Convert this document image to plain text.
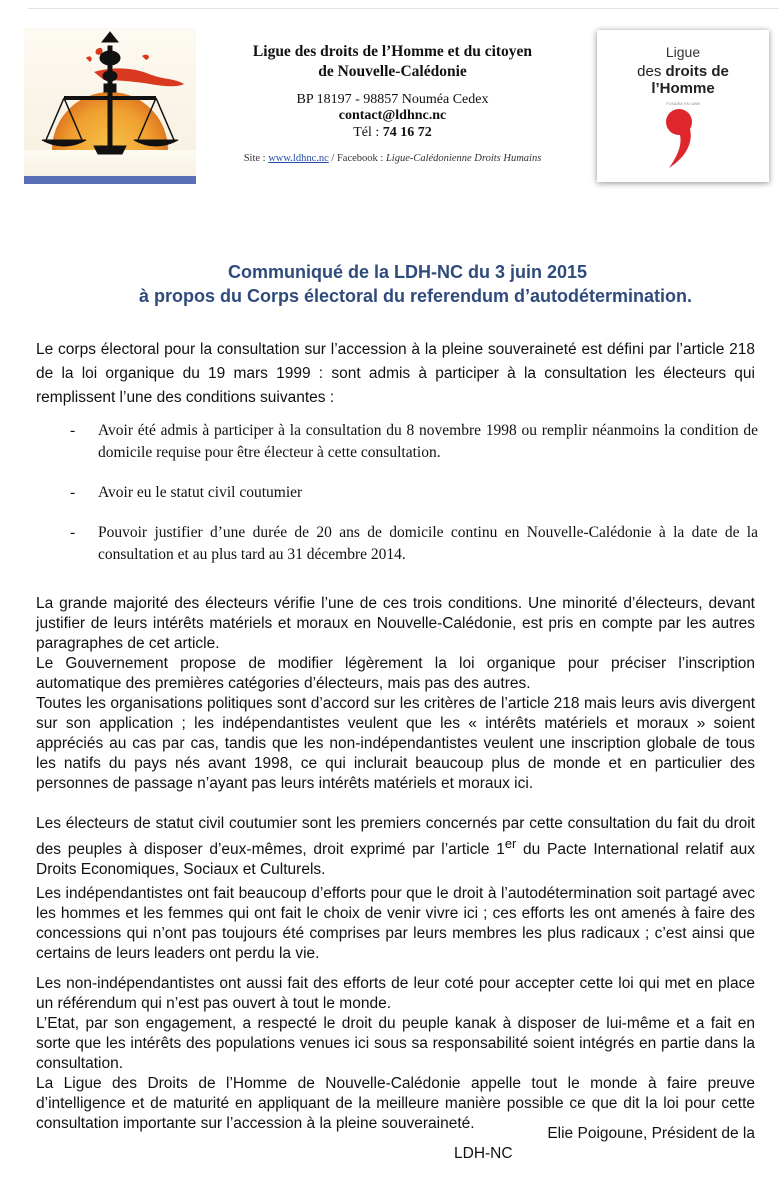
Ligue des droits de l’Homme et du citoyen
de Nouvelle-Calédonie
BP 18197 - 98857 Nouméa Cedex
contact@ldhnc.nc
Tél : 74 16 72
Site : www.ldhnc.nc / Facebook : Ligue-Calédonienne Droits Humains
Ligue
des droits de
l’Homme
FONDÉE EN 1898
Communiqué de la LDH-NC du 3 juin 2015
à propos du Corps électoral du referendum d’autodétermination.
Le corps électoral pour la consultation sur l’accession à la pleine souveraineté est défini par l’article 218 de la loi organique du 19 mars 1999 : sont admis à participer à la consultation les électeurs qui remplissent l’une des conditions suivantes :
- Avoir été admis à participer à la consultation du 8 novembre 1998 ou remplir néanmoins la condition de domicile requise pour être électeur à cette consultation.
- Avoir eu le statut civil coutumier
- Pouvoir justifier d’une durée de 20 ans de domicile continu en Nouvelle-Calédonie à la date de la consultation et au plus tard au 31 décembre 2014.
La grande majorité des électeurs vérifie l’une de ces trois conditions. Une minorité d’électeurs, devant justifier de leurs intérêts matériels et moraux en Nouvelle-Calédonie, est pris en compte par les autres paragraphes de cet article.
Le Gouvernement propose de modifier légèrement la loi organique pour préciser l’inscription automatique des premières catégories d’électeurs, mais pas des autres.
Toutes les organisations politiques sont d’accord sur les critères de l’article 218 mais leurs avis divergent sur son application ; les indépendantistes veulent que les « intérêts matériels et moraux » soient appréciés au cas par cas, tandis que les non-indépendantistes veulent une inscription globale de tous les natifs du pays nés avant 1998, ce qui inclurait beaucoup plus de monde et en particulier des personnes de passage n’ayant pas leurs intérêts matériels et moraux ici.
Les électeurs de statut civil coutumier sont les premiers concernés par cette consultation du fait du droit des peuples à disposer d’eux-mêmes, droit exprimé par l’article 1er du Pacte International relatif aux Droits Economiques, Sociaux et Culturels.
Les indépendantistes ont fait beaucoup d’efforts pour que le droit à l’autodétermination soit partagé avec les hommes et les femmes qui ont fait le choix de venir vivre ici ; ces efforts les ont amenés à faire des concessions qui n’ont pas toujours été comprises par leurs membres les plus radicaux ; c’est ainsi que certains de leurs leaders ont perdu la vie.
Les non-indépendantistes ont aussi fait des efforts de leur coté pour accepter cette loi qui met en place un référendum qui n’est pas ouvert à tout le monde.
L’Etat, par son engagement, a respecté le droit du peuple kanak à disposer de lui-même et a fait en sorte que les intérêts des populations venues ici sous sa responsabilité soient intégrés en partie dans la consultation.
La Ligue des Droits de l’Homme de Nouvelle-Calédonie appelle tout le monde à faire preuve d’intelligence et de maturité en appliquant de la meilleure manière possible ce que dit la loi pour cette consultation importante sur l’accession à la pleine souveraineté.
Elie Poigoune, Président de la
LDH-NC
